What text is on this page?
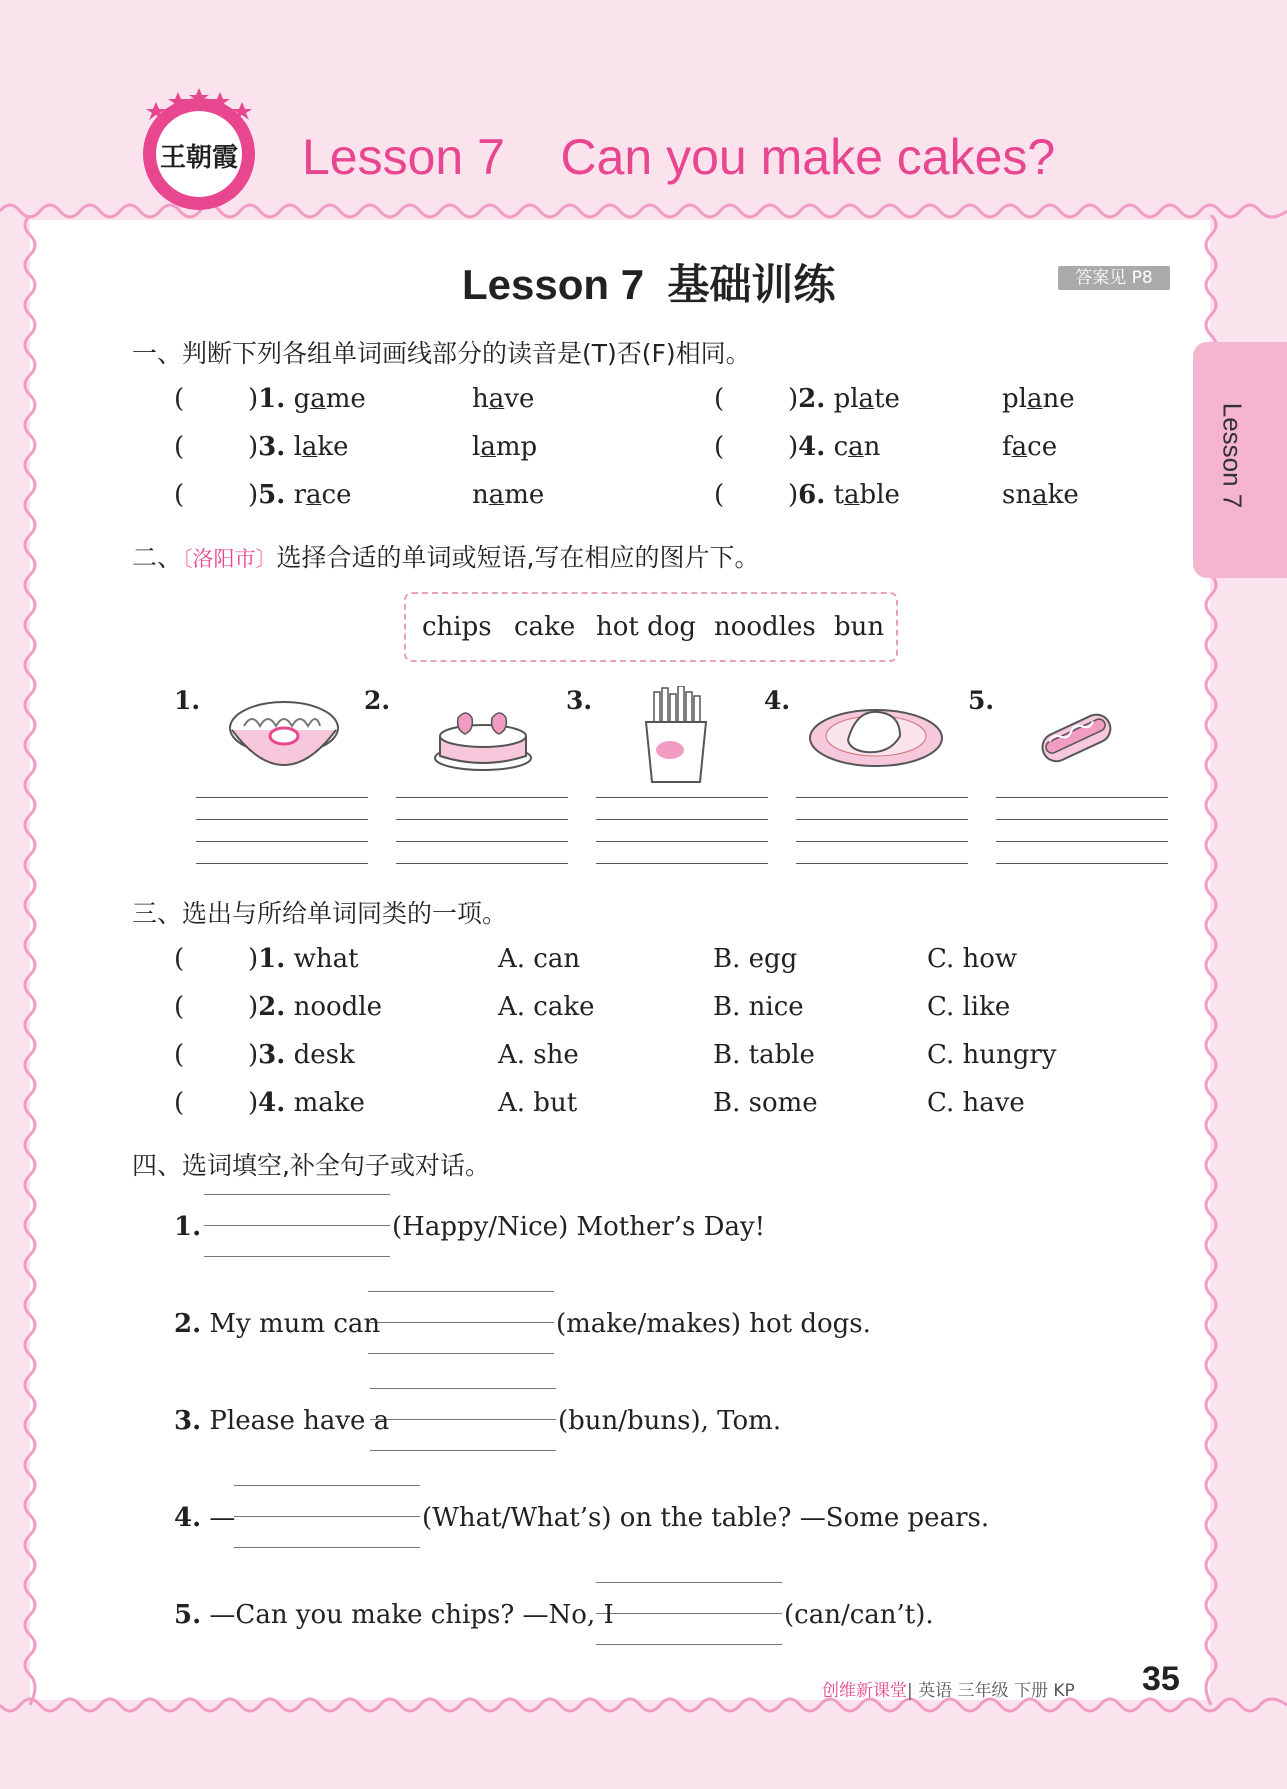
王朝霞 Lesson 7    Can you make cakes?
Lesson 7
Lesson 7  基础训练	答案见 P8
一、判断下列各组单词画线部分的读音是(T)否(F)相同。
( )1. game	have	( )2. plate	plane
( )3. lake	lamp	( )4. can	face
( )5. race	name	( )6. table	snake
二、〔洛阳市〕选择合适的单词或短语,写在相应的图片下。
chips cake hot dog noodles bun
1.	2.	3.	4.	5.
三、选出与所给单词同类的一项。
( )1. what	A. can	B. egg	C. how
( )2. noodle	A. cake	B. nice	C. like
( )3. desk	A. she	B. table	C. hungry
( )4. make	A. but	B. some	C. have
四、选词填空,补全句子或对话。
1.	(Happy/Nice) Mother’s Day!
2. My mum can	(make/makes) hot dogs.
3. Please have a	(bun/buns), Tom.
4. —	(What/What’s) on the table? —Some pears.
5. —Can you make chips? —No, I	(can/can’t).
创维新课堂| 英语 三年级 下册 KP 35
